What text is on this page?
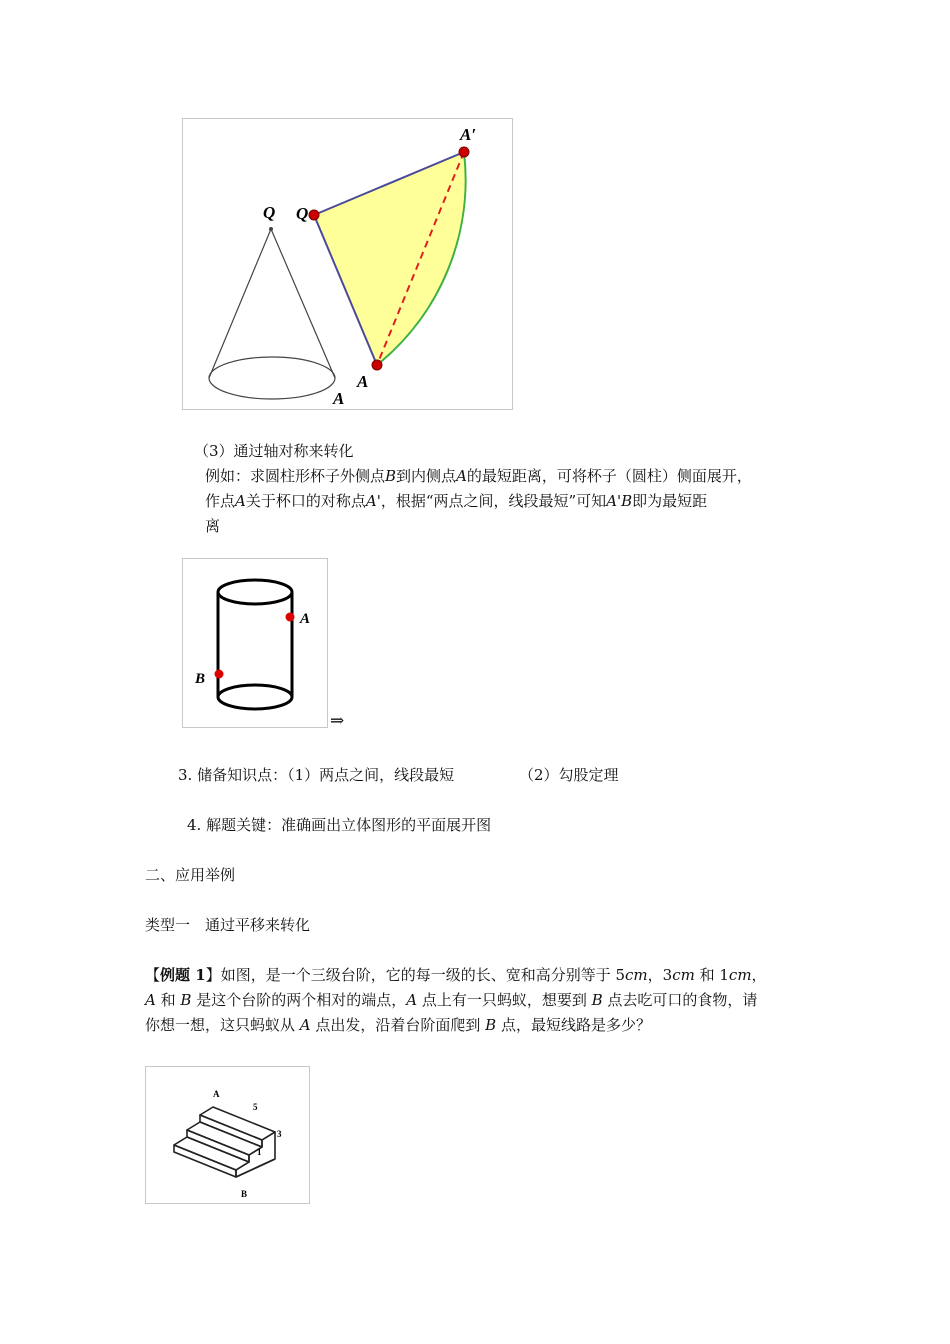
Q
A
Q
A
A′
（3）通过轴对称来转化
例如：求圆柱形杯子外侧点B到内侧点A的最短距离，可将杯子（圆柱）侧面展开，
作点A关于杯口的对称点A'，根据“两点之间，线段最短”可知A'B即为最短距
离
A
B
⇒
3. 储备知识点：（1）两点之间，线段最短	（2）勾股定理
4. 解题关键：准确画出立体图形的平面展开图
二、应用举例
类型一　通过平移来转化
【例题 1】如图，是一个三级台阶，它的每一级的长、宽和高分别等于 5cm，3cm 和 1cm，
A 和 B 是这个台阶的两个相对的端点，A 点上有一只蚂蚁，想要到 B 点去吃可口的食物，请
你想一想，这只蚂蚁从 A 点出发，沿着台阶面爬到 B 点，最短线路是多少？
A
B
5
3
1
